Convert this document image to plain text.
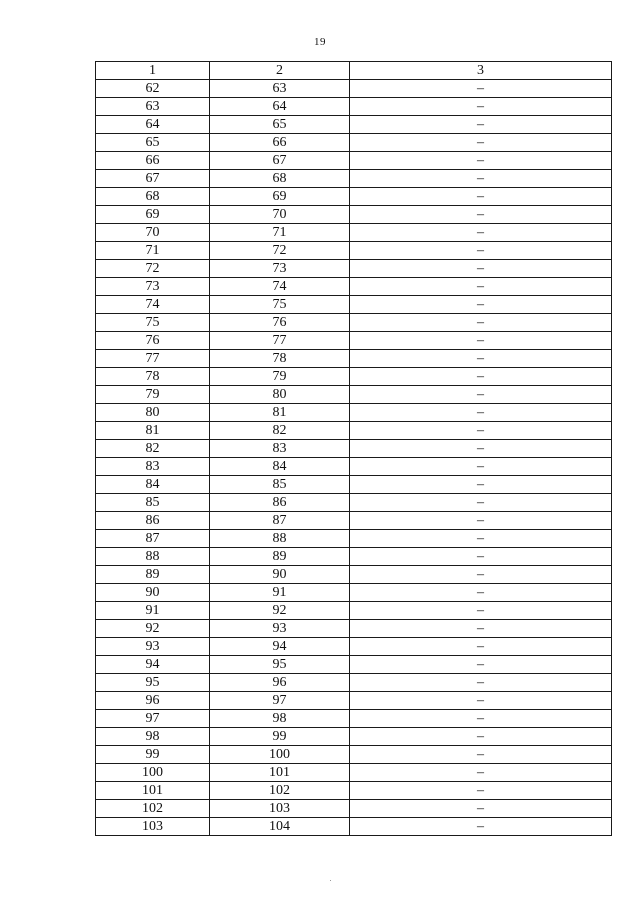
19
1	2	3
62	63	–
63	64	–
64	65	–
65	66	–
66	67	–
67	68	–
68	69	–
69	70	–
70	71	–
71	72	–
72	73	–
73	74	–
74	75	–
75	76	–
76	77	–
77	78	–
78	79	–
79	80	–
80	81	–
81	82	–
82	83	–
83	84	–
84	85	–
85	86	–
86	87	–
87	88	–
88	89	–
89	90	–
90	91	–
91	92	–
92	93	–
93	94	–
94	95	–
95	96	–
96	97	–
97	98	–
98	99	–
99	100	–
100	101	–
101	102	–
102	103	–
103	104	–
